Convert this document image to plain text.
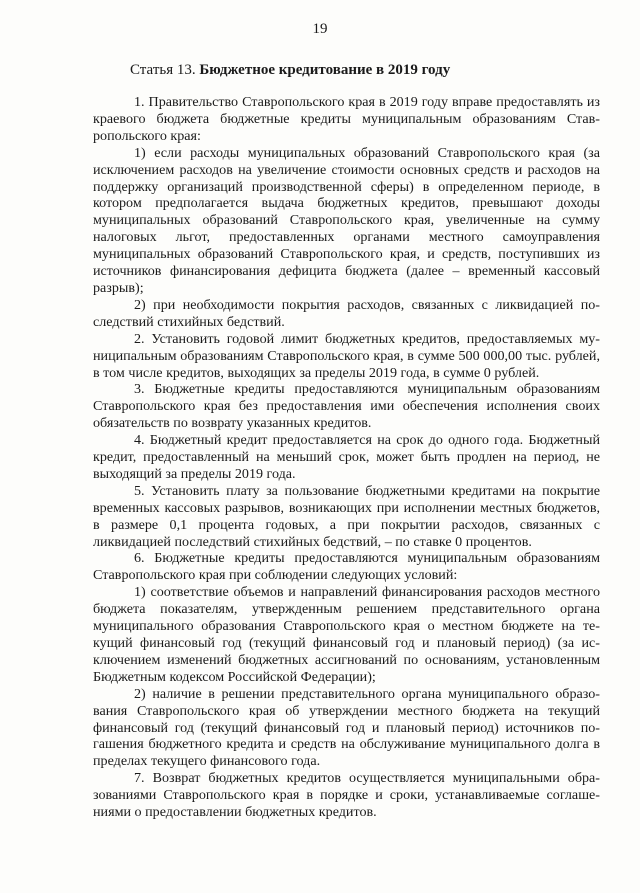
19
Статья 13. Бюджетное кредитование в 2019 году

1. Правительство Ставропольского края в 2019 году вправе предоставлять из краевого бюджета бюджетные кредиты муниципальным образованиям Ставропольского края:

1) если расходы муниципальных образований Ставропольского края (за исключением расходов на увеличение стоимости основных средств и расходов на поддержку организаций производственной сферы) в определенном периоде, в котором предполагается выдача бюджетных кредитов, превышают доходы муниципальных образований Ставропольского края, увеличенные на сумму налоговых льгот, предоставленных органами местного самоуправления муниципальных образований Ставропольского края, и средств, поступивших из источников финансирования дефицита бюджета (далее – временный кассовый разрыв);

2) при необходимости покрытия расходов, связанных с ликвидацией последствий стихийных бедствий.

2. Установить годовой лимит бюджетных кредитов, предоставляемых муниципальным образованиям Ставропольского края, в сумме 500 000,00 тыс. рублей, в том числе кредитов, выходящих за пределы 2019 года, в сумме 0 рублей.

3. Бюджетные кредиты предоставляются муниципальным образованиям Ставропольского края без предоставления ими обеспечения исполнения своих обязательств по возврату указанных кредитов.

4. Бюджетный кредит предоставляется на срок до одного года. Бюджетный кредит, предоставленный на меньший срок, может быть продлен на период, не выходящий за пределы 2019 года.

5. Установить плату за пользование бюджетными кредитами на покрытие временных кассовых разрывов, возникающих при исполнении местных бюджетов, в размере 0,1 процента годовых, а при покрытии расходов, связанных с ликвидацией последствий стихийных бедствий, – по ставке 0 процентов.

6. Бюджетные кредиты предоставляются муниципальным образованиям Ставропольского края при соблюдении следующих условий:

1) соответствие объемов и направлений финансирования расходов местного бюджета показателям, утвержденным решением представительного органа муниципального образования Ставропольского края о местном бюджете на текущий финансовый год (текущий финансовый год и плановый период) (за исключением изменений бюджетных ассигнований по основаниям, установленным Бюджетным кодексом Российской Федерации);

2) наличие в решении представительного органа муниципального образования Ставропольского края об утверждении местного бюджета на текущий финансовый год (текущий финансовый год и плановый период) источников погашения бюджетного кредита и средств на обслуживание муниципального долга в пределах текущего финансового года.

7. Возврат бюджетных кредитов осуществляется муниципальными образованиями Ставропольского края в порядке и сроки, устанавливаемые соглашениями о предоставлении бюджетных кредитов.
